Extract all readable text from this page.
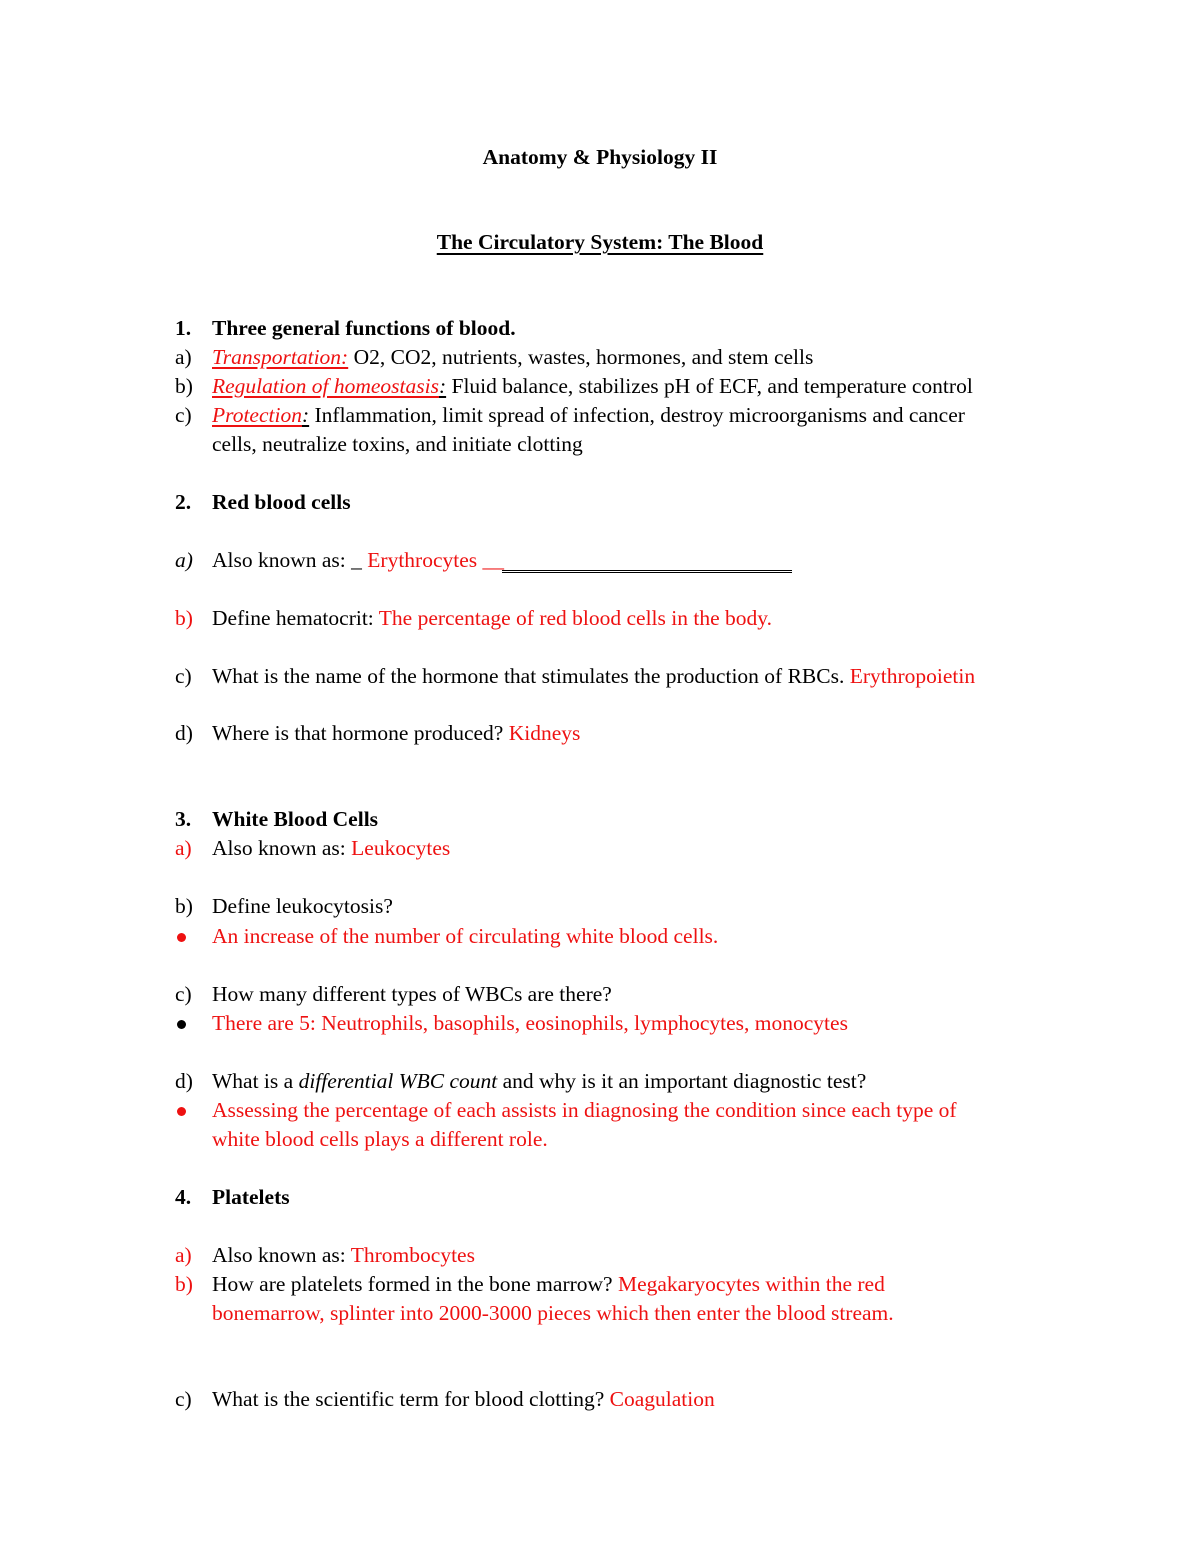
Anatomy & Physiology II
The Circulatory System: The Blood
1. Three general functions of blood.
a) Transportation: O2, CO2, nutrients, wastes, hormones, and stem cells
b) Regulation of homeostasis: Fluid balance, stabilizes pH of ECF, and temperature control
c) Protection: Inflammation, limit spread of infection, destroy microorganisms and cancer
cells, neutralize toxins, and initiate clotting
2. Red blood cells
a) Also known as: _ Erythrocytes __
b) Define hematocrit: The percentage of red blood cells in the body.
c) What is the name of the hormone that stimulates the production of RBCs. Erythropoietin
d) Where is that hormone produced? Kidneys
3. White Blood Cells
a) Also known as: Leukocytes
b) Define leukocytosis?
An increase of the number of circulating white blood cells.
c) How many different types of WBCs are there?
There are 5: Neutrophils, basophils, eosinophils, lymphocytes, monocytes
d) What is a differential WBC count and why is it an important diagnostic test?
Assessing the percentage of each assists in diagnosing the condition since each type of
white blood cells plays a different role.
4. Platelets
a) Also known as: Thrombocytes
b) How are platelets formed in the bone marrow? Megakaryocytes within the red
bonemarrow, splinter into 2000-3000 pieces which then enter the blood stream.
c) What is the scientific term for blood clotting? Coagulation
